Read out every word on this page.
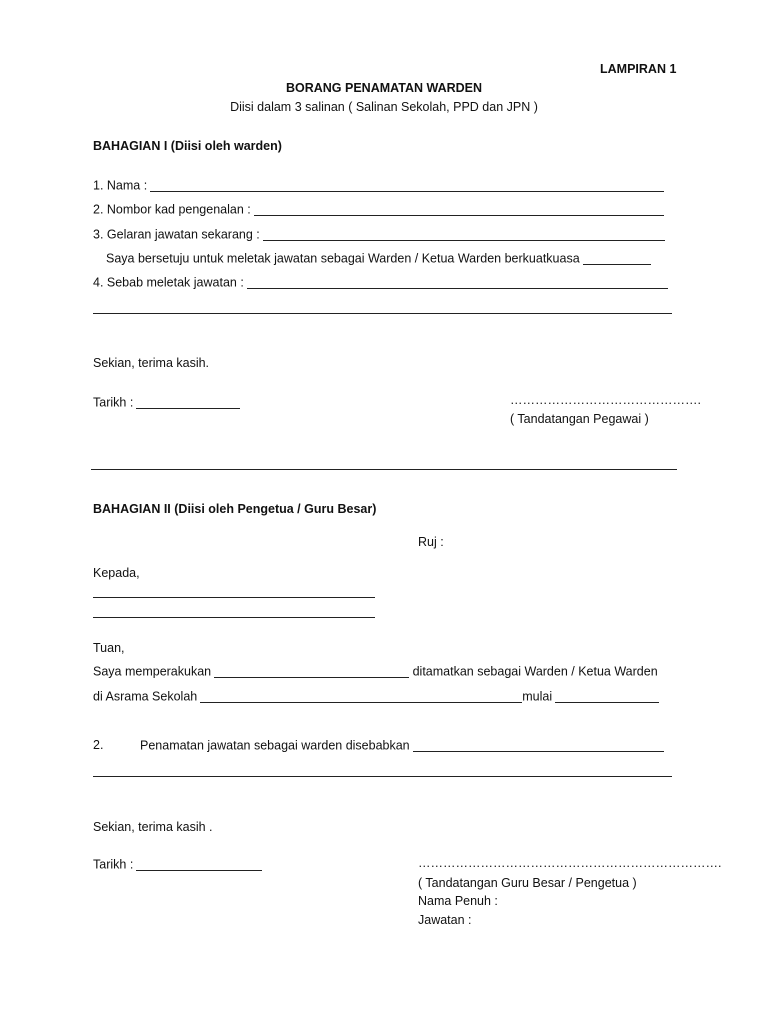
LAMPIRAN 1
BORANG PENAMATAN WARDEN
Diisi dalam 3 salinan ( Salinan Sekolah, PPD dan JPN )
BAHAGIAN I (Diisi oleh warden)
1. Nama :
2. Nombor kad pengenalan :
3. Gelaran jawatan sekarang :
Saya bersetuju untuk meletak jawatan sebagai Warden / Ketua Warden berkuatkuasa
4. Sebab meletak jawatan :
Sekian, terima kasih.
Tarikh :	……………………………………….
( Tandatangan Pegawai )
BAHAGIAN II (Diisi oleh Pengetua / Guru Besar)
Ruj :
Kepada,
Tuan,
Saya memperakukan	ditamatkan sebagai Warden / Ketua Warden
di Asrama Sekolah	mulai
2.	Penamatan jawatan sebagai warden disebabkan
Sekian, terima kasih .
Tarikh :	……………………………………………………………….
( Tandatangan Guru Besar / Pengetua )
Nama Penuh :
Jawatan :
